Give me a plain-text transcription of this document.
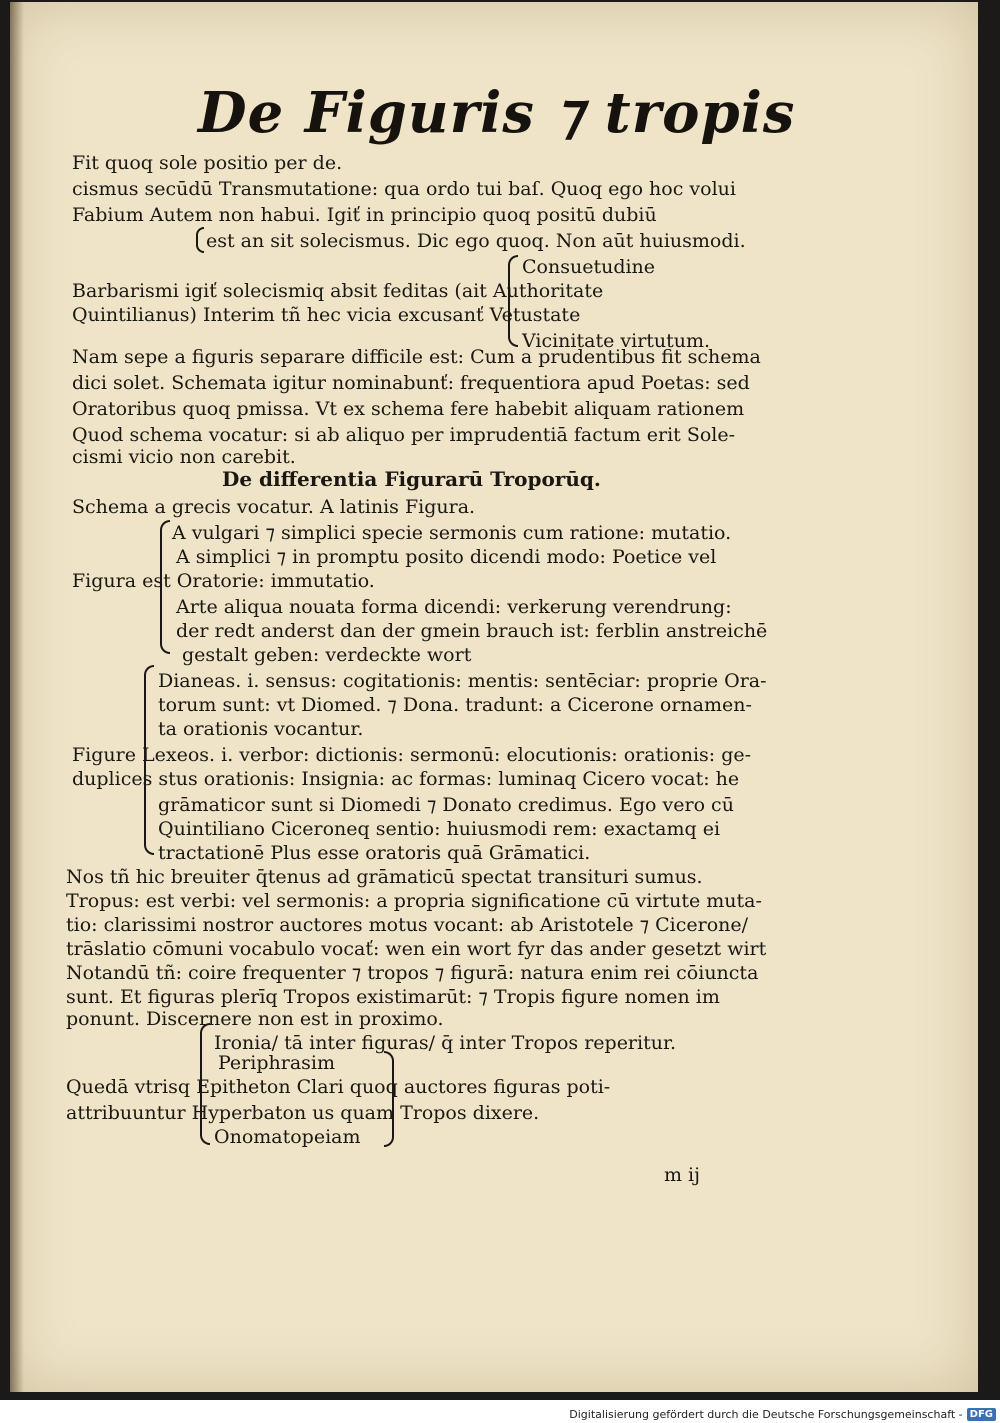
De Figuris ⁊ tropis
Fit quoq sole positio per de.
cismus secūdū Transmutatione: qua ordo tui baſ. Quoq ego hoc volui
Fabium Autem non habui. Igiť in principio quoq positū dubiū
est an sit solecismus. Dic ego quoq. Non aūt huiusmodi.
Consuetudine
Barbarismi igiť solecismiq absit feditas (ait Authoritate
Quintilianus) Interim tñ hec vicia excusanť Vetustate
Vicinitate virtutum.
Nam sepe a figuris separare difficile est: Cum a prudentibus fit schema
dici solet. Schemata igitur nominabunť: frequentiora apud Poetas: sed
Oratoribus quoq pmissa. Vt ex schema fere habebit aliquam rationem
Quod schema vocatur: si ab aliquo per imprudentiā factum erit Sole-
cismi vicio non carebit.
De differentia Figurarū Troporūq.
Schema a grecis vocatur. A latinis Figura.
A vulgari ⁊ simplici specie sermonis cum ratione: mutatio.
A simplici ⁊ in promptu posito dicendi modo: Poetice vel
Figura est Oratorie: immutatio.
Arte aliqua nouata forma dicendi: verkerung verendrung:
der redt anderst dan der gmein brauch ist: ferblin anstreichē
gestalt geben: verdeckte wort
Dianeas. i. sensus: cogitationis: mentis: sentēciar: proprie Ora-
torum sunt: vt Diomed. ⁊ Dona. tradunt: a Cicerone ornamen-
ta orationis vocantur.
Figure Lexeos. i. verbor: dictionis: sermonū: elocutionis: orationis: ge-
duplices stus orationis: Insignia: ac formas: luminaq Cicero vocat: he
grāmaticor sunt si Diomedi ⁊ Donato credimus. Ego vero cū
Quintiliano Ciceroneq sentio: huiusmodi rem: exactamq ei
tractationē Plus esse oratoris quā Grāmatici.
Nos tñ hic breuiter q̄tenus ad grāmaticū spectat transituri sumus.
Tropus: est verbi: vel sermonis: a propria significatione cū virtute muta-
tio: clarissimi nostror auctores motus vocant: ab Aristotele ⁊ Cicerone/
trāslatio cōmuni vocabulo vocať: wen ein wort fyr das ander gesetzt wirt
Notandū tñ: coire frequenter ⁊ tropos ⁊ figurā: natura enim rei cōiuncta
sunt. Et figuras plerīq Tropos existimarūt: ⁊ Tropis figure nomen im
ponunt. Discernere non est in proximo.
Ironia/ tā inter figuras/ q̄ inter Tropos reperitur.
Periphrasim
Quedā vtrisq Epitheton Clari quoq auctores figuras poti-
attribuuntur Hyperbaton us quam Tropos dixere.
Onomatopeiam
m ij
Digitalisierung gefördert durch die Deutsche Forschungsgemeinschaft - DFG
